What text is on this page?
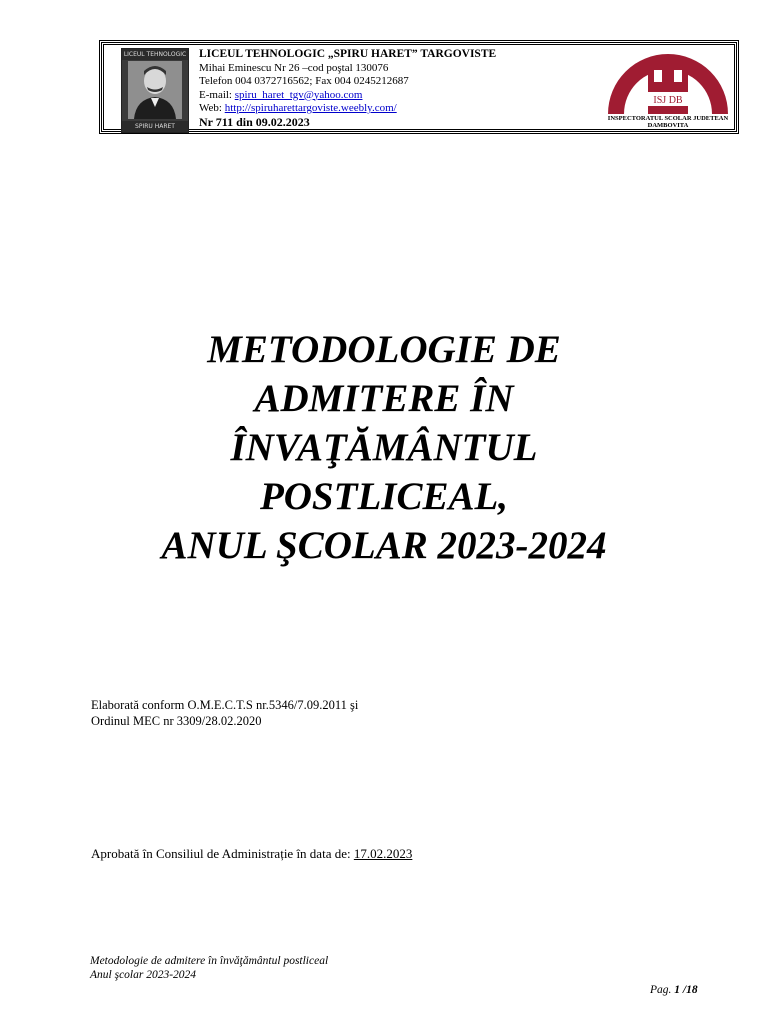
LICEUL TEHNOLOGIC
SPIRU HARET
LICEUL TEHNOLOGIC „SPIRU HARET” TARGOVISTE
Mihai Eminescu Nr 26 –cod poştal 130076
Telefon 004 0372716562; Fax 004 0245212687
E-mail: spiru_haret_tgv@yahoo.com
Web: http://spiruharettargoviste.weebly.com/
Nr 711 din 09.02.2023
ISJ DB
INSPECTORATUL SCOLAR JUDETEAN
DAMBOVITA
METODOLOGIE DE
ADMITERE ÎN
ÎNVAŢĂMÂNTUL
POSTLICEAL,
ANUL ŞCOLAR 2023-2024
Elaborată conform O.M.E.C.T.S nr.5346/7.09.2011 şi
Ordinul MEC nr 3309/28.02.2020
Aprobată în Consiliul de Administrație în data de: 17.02.2023
Metodologie de admitere în învăţământul postliceal
Anul şcolar 2023-2024
Pag. 1 /18
